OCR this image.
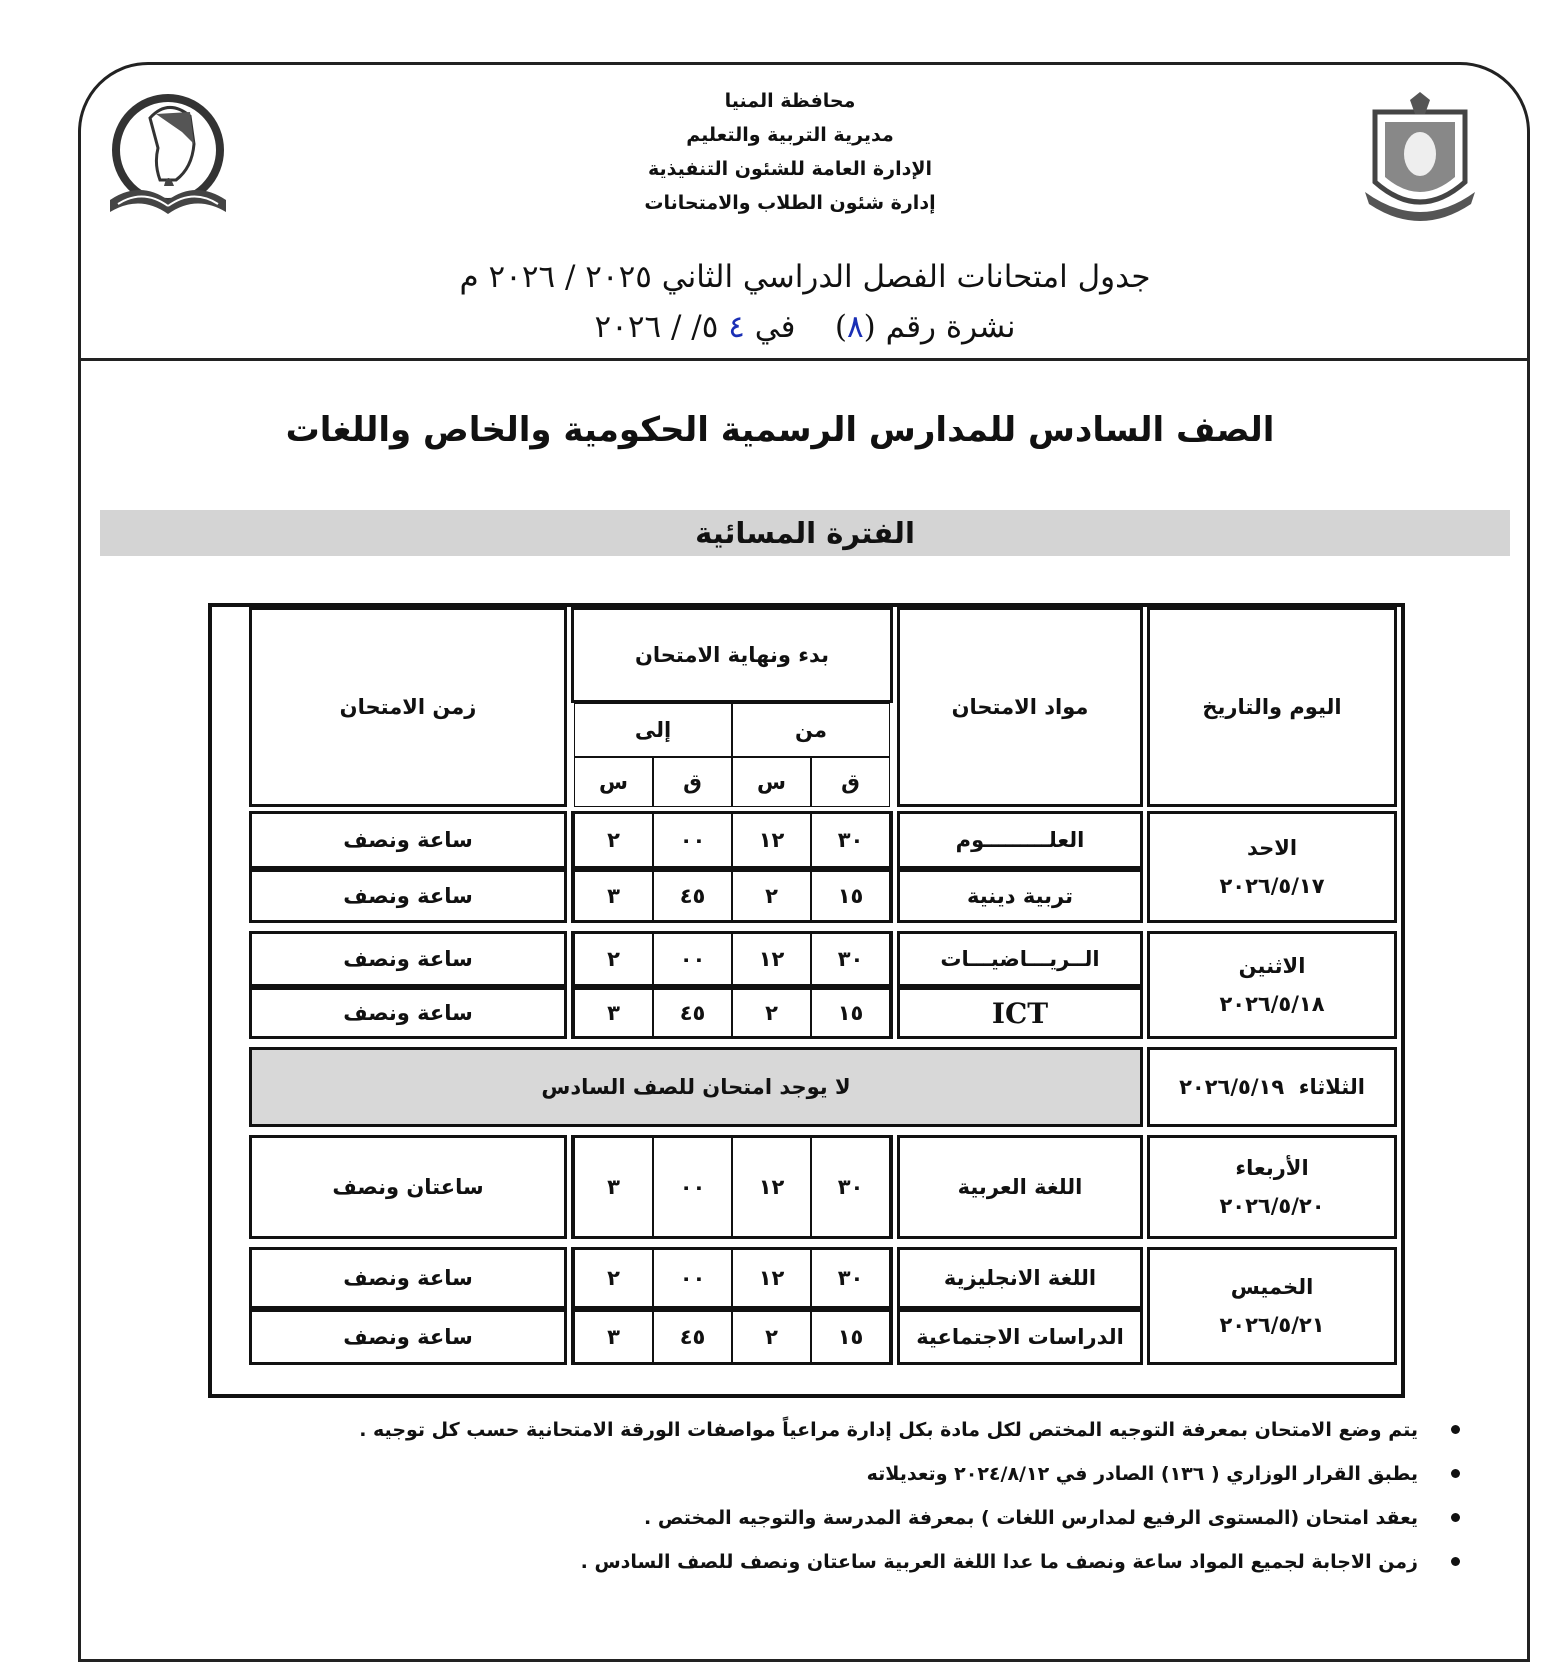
محافظة المنيا
مديرية التربية والتعليم
الإدارة العامة للشئون التنفيذية
إدارة شئون الطلاب والامتحانات
جدول امتحانات الفصل الدراسي الثاني ٢٠٢٥ / ٢٠٢٦ م
نشرة رقم (٨)    في ٤ ٥/ / ٢٠٢٦
الصف السادس للمدارس الرسمية الحكومية والخاص واللغات
الفترة المسائية
اليوم والتاريخ
مواد الامتحان
بدء ونهاية الامتحان
من
إلى
ق
س
ق
س
زمن الامتحان
الاحد
٢٠٢٦/٥/١٧
العلـــــــــوم
تربية دينية
الاثنين
٢٠٢٦/٥/١٨
الــريـــاضيـــات
ICT
الثلاثاء

٢٠٢٦/٥/١٩
لا يوجد امتحان للصف السادس
الأربعاء
٢٠٢٦/٥/٢٠
اللغة العربية
الخميس
٢٠٢٦/٥/٢١
اللغة الانجليزية
الدراسات الاجتماعية
٣٠
١٢
٠٠
٢
ساعة ونصف
١٥
٢
٤٥
٣
ساعة ونصف
٣٠
١٢
٠٠
٢
ساعة ونصف
١٥
٢
٤٥
٣
ساعة ونصف
٣٠
١٢
٠٠
٣
ساعتان ونصف
٣٠
١٢
٠٠
٢
ساعة ونصف
١٥
٢
٤٥
٣
ساعة ونصف
يتم وضع الامتحان بمعرفة التوجيه المختص لكل مادة بكل إدارة مراعياً مواصفات الورقة الامتحانية حسب كل توجيه .
يطبق القرار الوزاري ( ١٣٦) الصادر في ٢٠٢٤/٨/١٢ وتعديلاته
يعقد امتحان (المستوى الرفيع لمدارس اللغات ) بمعرفة المدرسة والتوجيه المختص .
زمن الاجابة لجميع المواد ساعة ونصف ما عدا اللغة العربية ساعتان ونصف للصف السادس .
